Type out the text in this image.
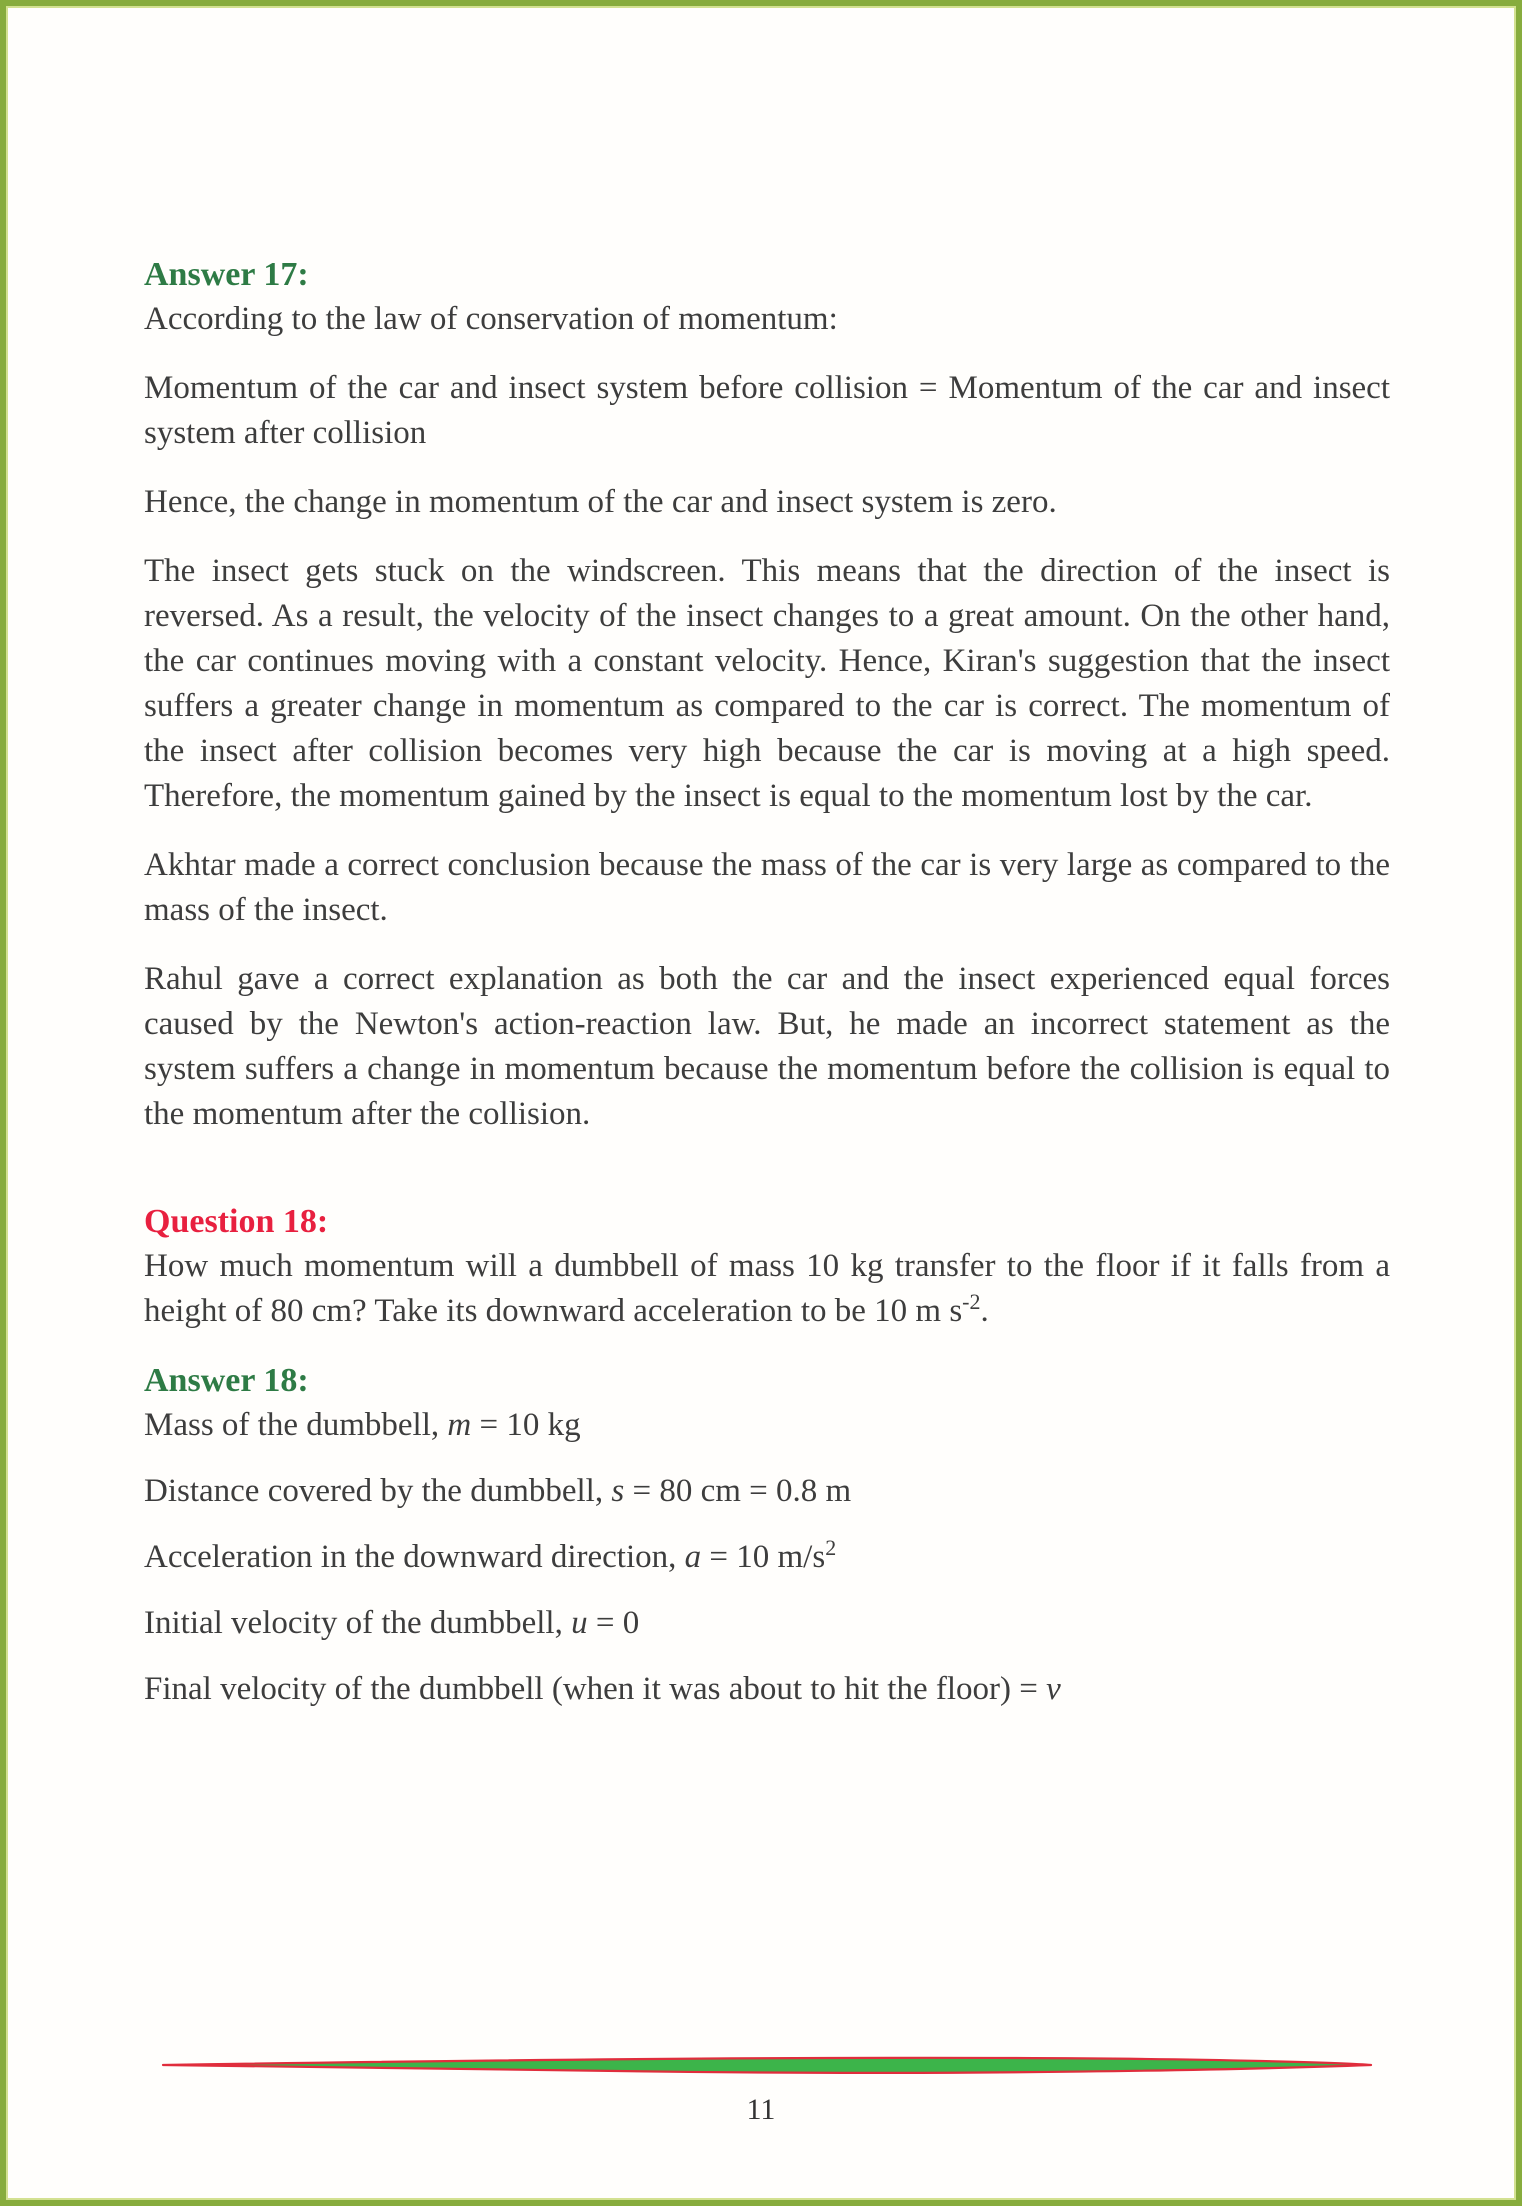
Answer 17:

According to the law of conservation of momentum:

Momentum of the car and insect system before collision = Momentum of the car and insect system after collision

Hence, the change in momentum of the car and insect system is zero.

The insect gets stuck on the windscreen. This means that the direction of the insect is reversed. As a result, the velocity of the insect changes to a great amount. On the other hand, the car continues moving with a constant velocity. Hence, Kiran's suggestion that the insect suffers a greater change in momentum as compared to the car is correct. The momentum of the insect after collision becomes very high because the car is moving at a high speed. Therefore, the momentum gained by the insect is equal to the momentum lost by the car.

Akhtar made a correct conclusion because the mass of the car is very large as compared to the mass of the insect.

Rahul gave a correct explanation as both the car and the insect experienced equal forces caused by the Newton's action-reaction law. But, he made an incorrect statement as the system suffers a change in momentum because the momentum before the collision is equal to the momentum after the collision.

Question 18:

How much momentum will a dumbbell of mass 10 kg transfer to the floor if it falls from a height of 80 cm? Take its downward acceleration to be 10 m $s^{-2}$.

Answer 18:
Mass of the dumbbell, m = 10 kg
Distance covered by the dumbbell, s = 80 cm = 0.8 m
Acceleration in the downward direction, a = 10 $m/s^2$
Initial velocity of the dumbbell, u = 0
Final velocity of the dumbbell (when it was about to hit the floor) = v
11
